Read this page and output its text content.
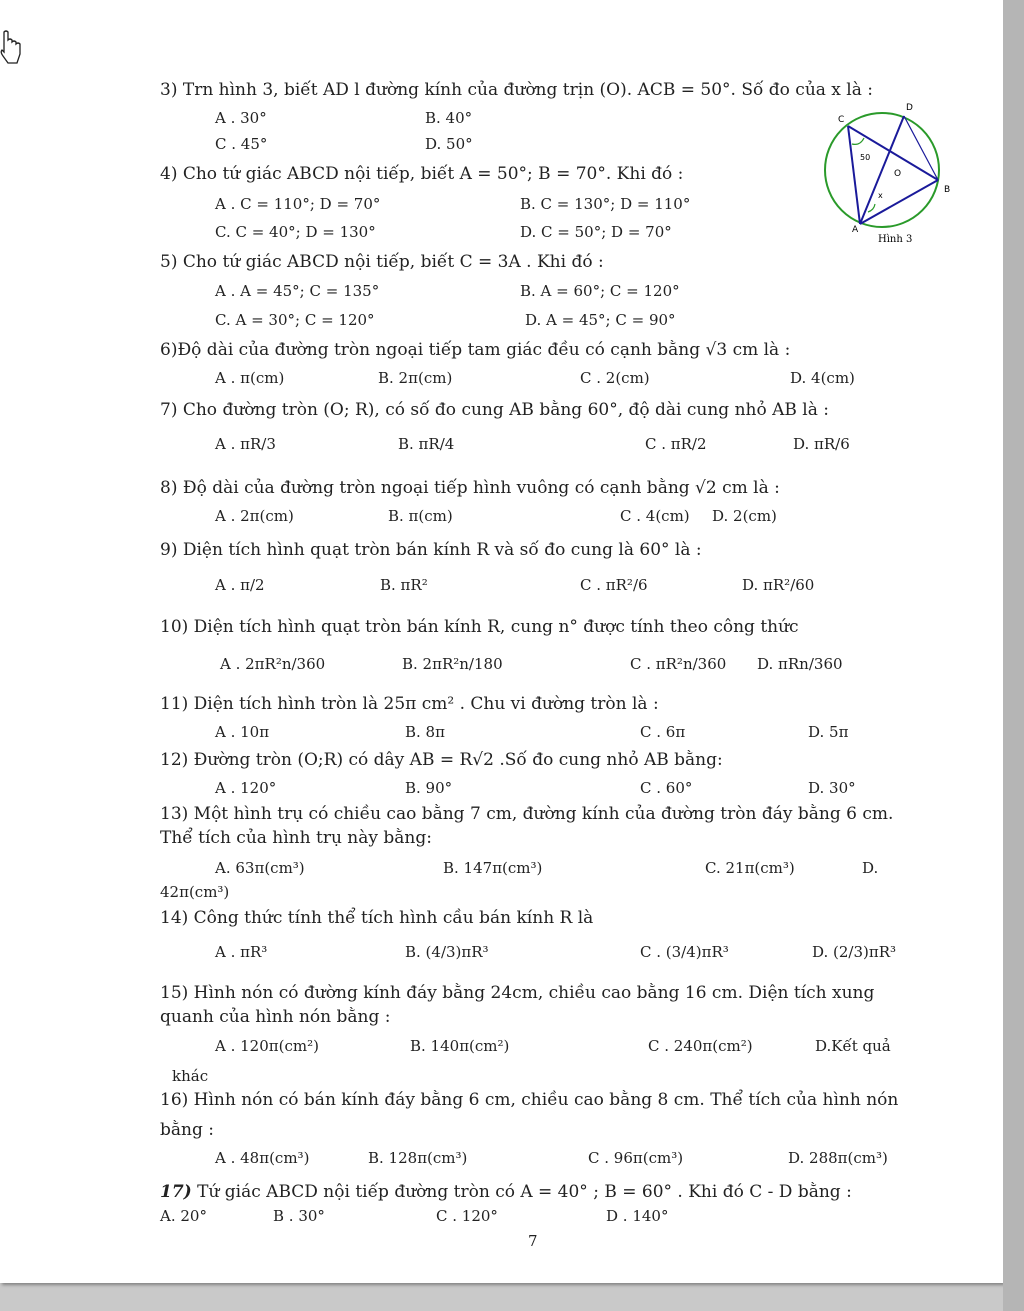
3) Trn hình 3, biết AD l đường kính của đường trịn (O). ACB = 50°. Số đo của x là :
A . 30°	B. 40°
C . 45°	D. 50°
C
D
O
B
A
50
x
Hình 3
4) Cho tứ giác ABCD nội tiếp, biết A = 50°; B = 70°. Khi đó :
A . C = 110°; D = 70°	B. C = 130°; D = 110°
C. C = 40°; D = 130°	D. C = 50°; D = 70°
5) Cho tứ giác ABCD nội tiếp, biết C = 3A . Khi đó :
A . A = 45°; C = 135°	B. A = 60°; C = 120°
C. A = 30°; C = 120°	D. A = 45°; C = 90°
6)Độ dài của đường tròn ngoại tiếp tam giác đều có cạnh bằng √3 cm là :
A . π(cm)	B. 2π(cm)	C . 2(cm)	D. 4(cm)
7) Cho đường tròn (O; R), có số đo cung AB bằng 60°, độ dài cung nhỏ AB là :
A . πR/3	B. πR/4	C . πR/2	D. πR/6
8) Độ dài của đường tròn ngoại tiếp hình vuông có cạnh bằng √2 cm là :
A . 2π(cm)	B. π(cm)	C . 4(cm) D. 2(cm)
9) Diện tích hình quạt tròn bán kính R và số đo cung là 60° là :
A . π/2	B. πR²	C . πR²/6	D. πR²/60
10) Diện tích hình quạt tròn bán kính R, cung n° được tính theo công thức
A . 2πR²n/360	B. 2πR²n/180	C . πR²n/360 D. πRn/360
11) Diện tích hình tròn là 25π cm² . Chu vi đường tròn là :
A . 10π	B. 8π	C . 6π	D. 5π
12) Đường tròn (O;R) có dây AB = R√2 .Số đo cung nhỏ AB bằng:
A . 120°	B. 90°	C . 60°	D. 30°
13) Một hình trụ có chiều cao bằng 7 cm, đường kính của đường tròn đáy bằng 6 cm.
Thể tích của hình trụ này bằng:
A. 63π(cm³)	B. 147π(cm³)	C. 21π(cm³)	D.
42π(cm³)
14) Công thức tính thể tích hình cầu bán kính R là
A . πR³	B. (4/3)πR³	C . (3/4)πR³	D. (2/3)πR³
15) Hình nón có đường kính đáy bằng 24cm, chiều cao bằng 16 cm. Diện tích xung
quanh của hình nón bằng :
A . 120π(cm²)	B. 140π(cm²)	C . 240π(cm²)	D.Kết quả
khác
16) Hình nón có bán kính đáy bằng 6 cm, chiều cao bằng 8 cm. Thể tích của hình nón
bằng :
A . 48π(cm³)	B. 128π(cm³)	C . 96π(cm³)	D. 288π(cm³)
17) Tứ giác ABCD nội tiếp đường tròn có A = 40° ; B = 60° . Khi đó C - D bằng :
A. 20°	B . 30°	C . 120°	D . 140°
7
